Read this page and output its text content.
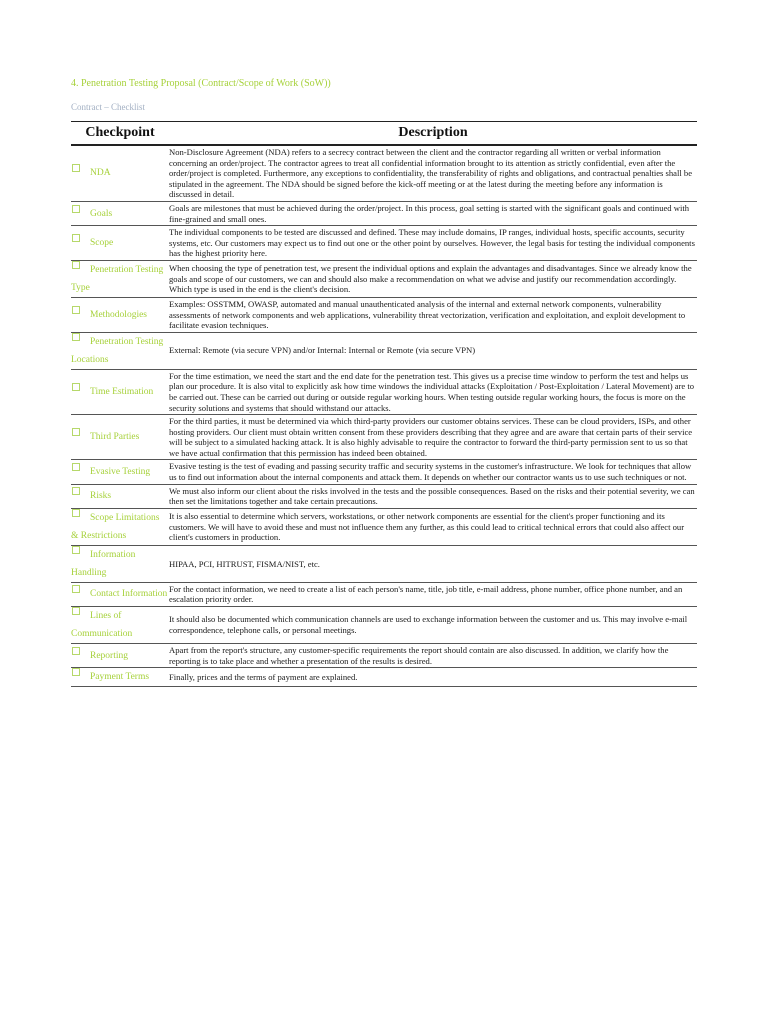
4. Penetration Testing Proposal (Contract/Scope of Work (SoW))
Contract – Checklist
Checkpoint	Description
NDA	Non-Disclosure Agreement (NDA) refers to a secrecy contract between the client and the contractor regarding all written or verbal information concerning an order/project. The contractor agrees to treat all confidential information brought to its attention as strictly confidential, even after the order/project is completed. Furthermore, any exceptions to confidentiality, the transferability of rights and obligations, and contractual penalties shall be stipulated in the agreement. The NDA should be signed before the kick-off meeting or at the latest during the meeting before any information is discussed in detail.
Goals	Goals are milestones that must be achieved during the order/project. In this process, goal setting is started with the significant goals and continued with fine-grained and small ones.
Scope	The individual components to be tested are discussed and defined. These may include domains, IP ranges, individual hosts, specific accounts, security systems, etc. Our customers may expect us to find out one or the other point by ourselves. However, the legal basis for testing the individual components has the highest priority here.
Penetration Testing Type	When choosing the type of penetration test, we present the individual options and explain the advantages and disadvantages. Since we already know the goals and scope of our customers, we can and should also make a recommendation on what we advise and justify our recommendation accordingly. Which type is used in the end is the client's decision.
Methodologies	Examples: OSSTMM, OWASP, automated and manual unauthenticated analysis of the internal and external network components, vulnerability assessments of network components and web applications, vulnerability threat vectorization, verification and exploitation, and exploit development to facilitate evasion techniques.
Penetration Testing Locations	External: Remote (via secure VPN) and/or Internal: Internal or Remote (via secure VPN)
Time Estimation	For the time estimation, we need the start and the end date for the penetration test. This gives us a precise time window to perform the test and helps us plan our procedure. It is also vital to explicitly ask how time windows the individual attacks (Exploitation / Post-Exploitation / Lateral Movement) are to be carried out. These can be carried out during or outside regular working hours. When testing outside regular working hours, the focus is more on the security solutions and systems that should withstand our attacks.
Third Parties	For the third parties, it must be determined via which third-party providers our customer obtains services. These can be cloud providers, ISPs, and other hosting providers. Our client must obtain written consent from these providers describing that they agree and are aware that certain parts of their service will be subject to a simulated hacking attack. It is also highly advisable to require the contractor to forward the third-party permission sent to us so that we have actual confirmation that this permission has indeed been obtained.
Evasive Testing	Evasive testing is the test of evading and passing security traffic and security systems in the customer's infrastructure. We look for techniques that allow us to find out information about the internal components and attack them. It depends on whether our contractor wants us to use such techniques or not.
Risks	We must also inform our client about the risks involved in the tests and the possible consequences. Based on the risks and their potential severity, we can then set the limitations together and take certain precautions.
Scope Limitations & Restrictions	It is also essential to determine which servers, workstations, or other network components are essential for the client's proper functioning and its customers. We will have to avoid these and must not influence them any further, as this could lead to critical technical errors that could also affect our client's customers in production.
Information Handling	HIPAA, PCI, HITRUST, FISMA/NIST, etc.
Contact Information	For the contact information, we need to create a list of each person's name, title, job title, e-mail address, phone number, office phone number, and an escalation priority order.
Lines of Communication	It should also be documented which communication channels are used to exchange information between the customer and us. This may involve e-mail correspondence, telephone calls, or personal meetings.
Reporting	Apart from the report's structure, any customer-specific requirements the report should contain are also discussed. In addition, we clarify how the reporting is to take place and whether a presentation of the results is desired.
Payment Terms	Finally, prices and the terms of payment are explained.
